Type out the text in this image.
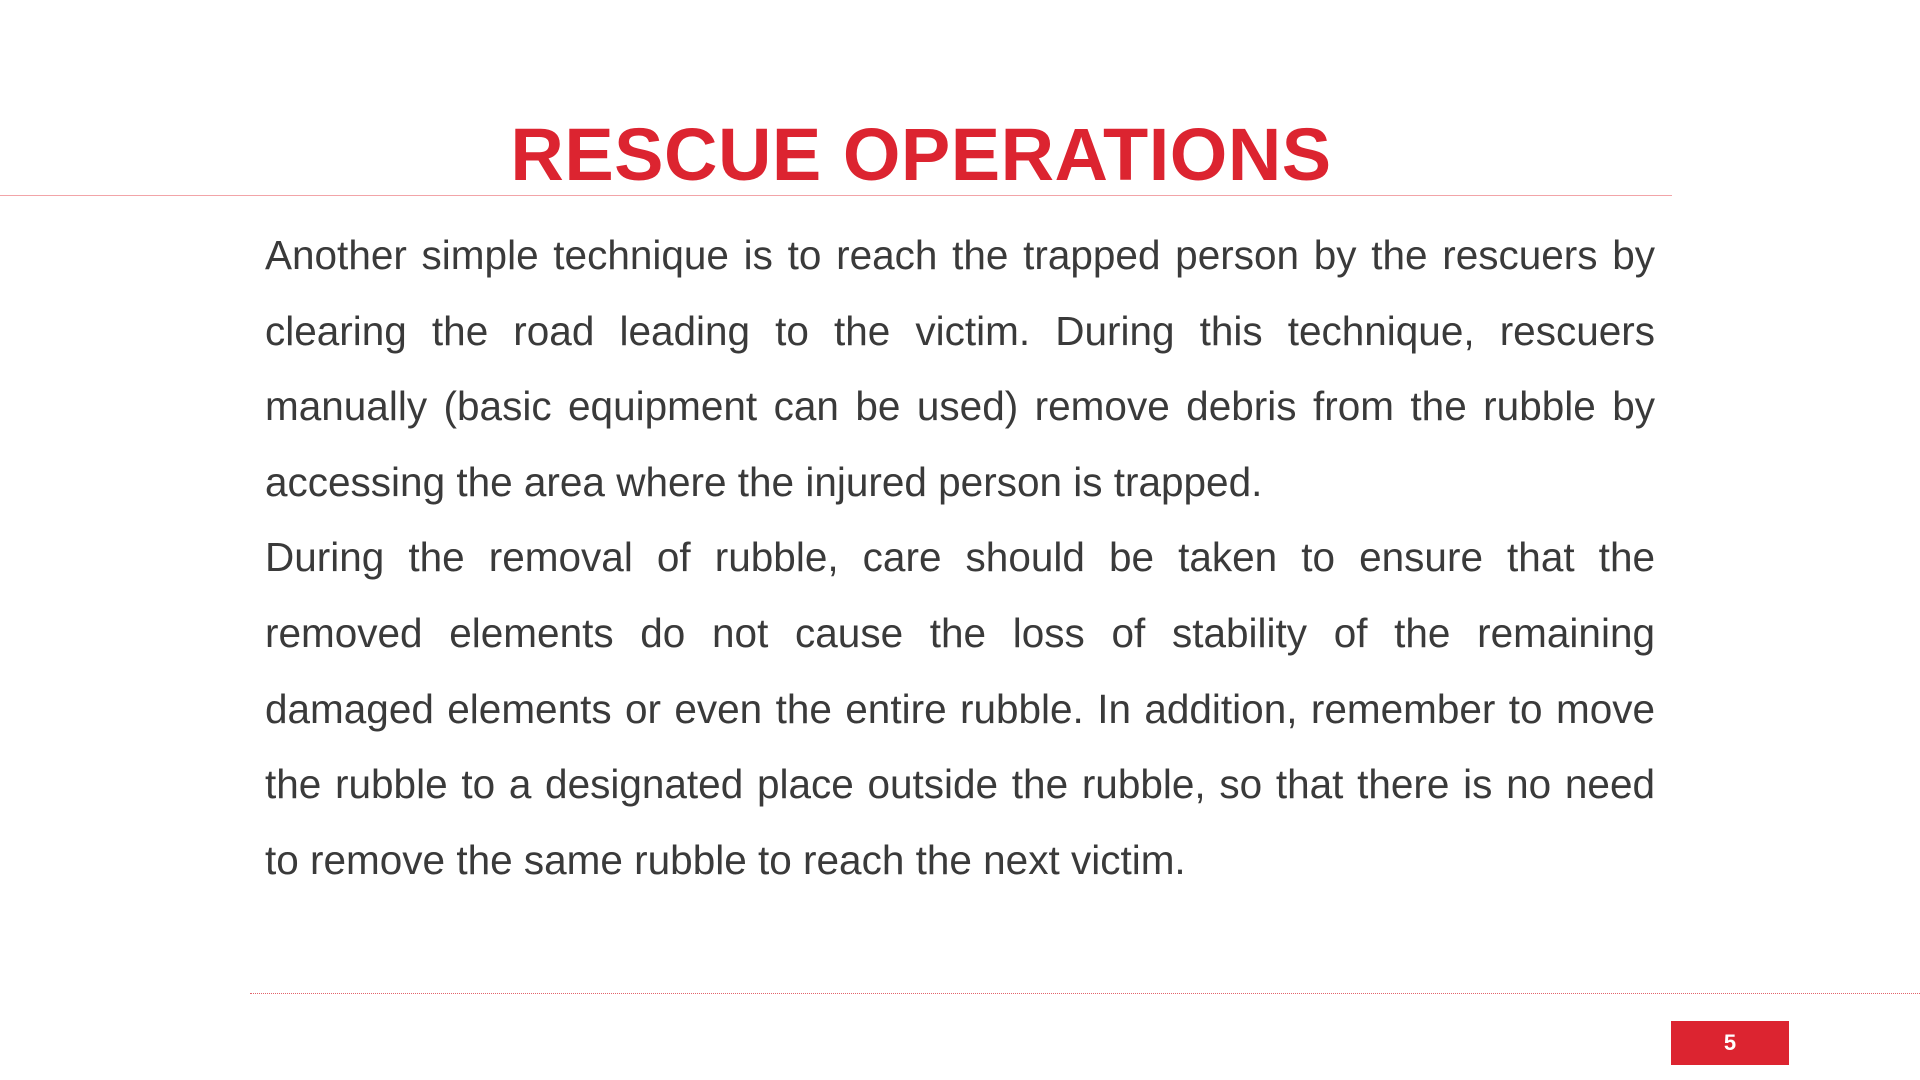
RESCUE OPERATIONS

Another simple technique is to reach the trapped person by the rescuers by clearing the road leading to the victim. During this technique, rescuers manually (basic equipment can be used) remove debris from the rubble by accessing the area where the injured person is trapped.

During the removal of rubble, care should be taken to ensure that the removed elements do not cause the loss of stability of the remaining damaged elements or even the entire rubble. In addition, remember to move the rubble to a designated place outside the rubble, so that there is no need to remove the same rubble to reach the next victim.

5
